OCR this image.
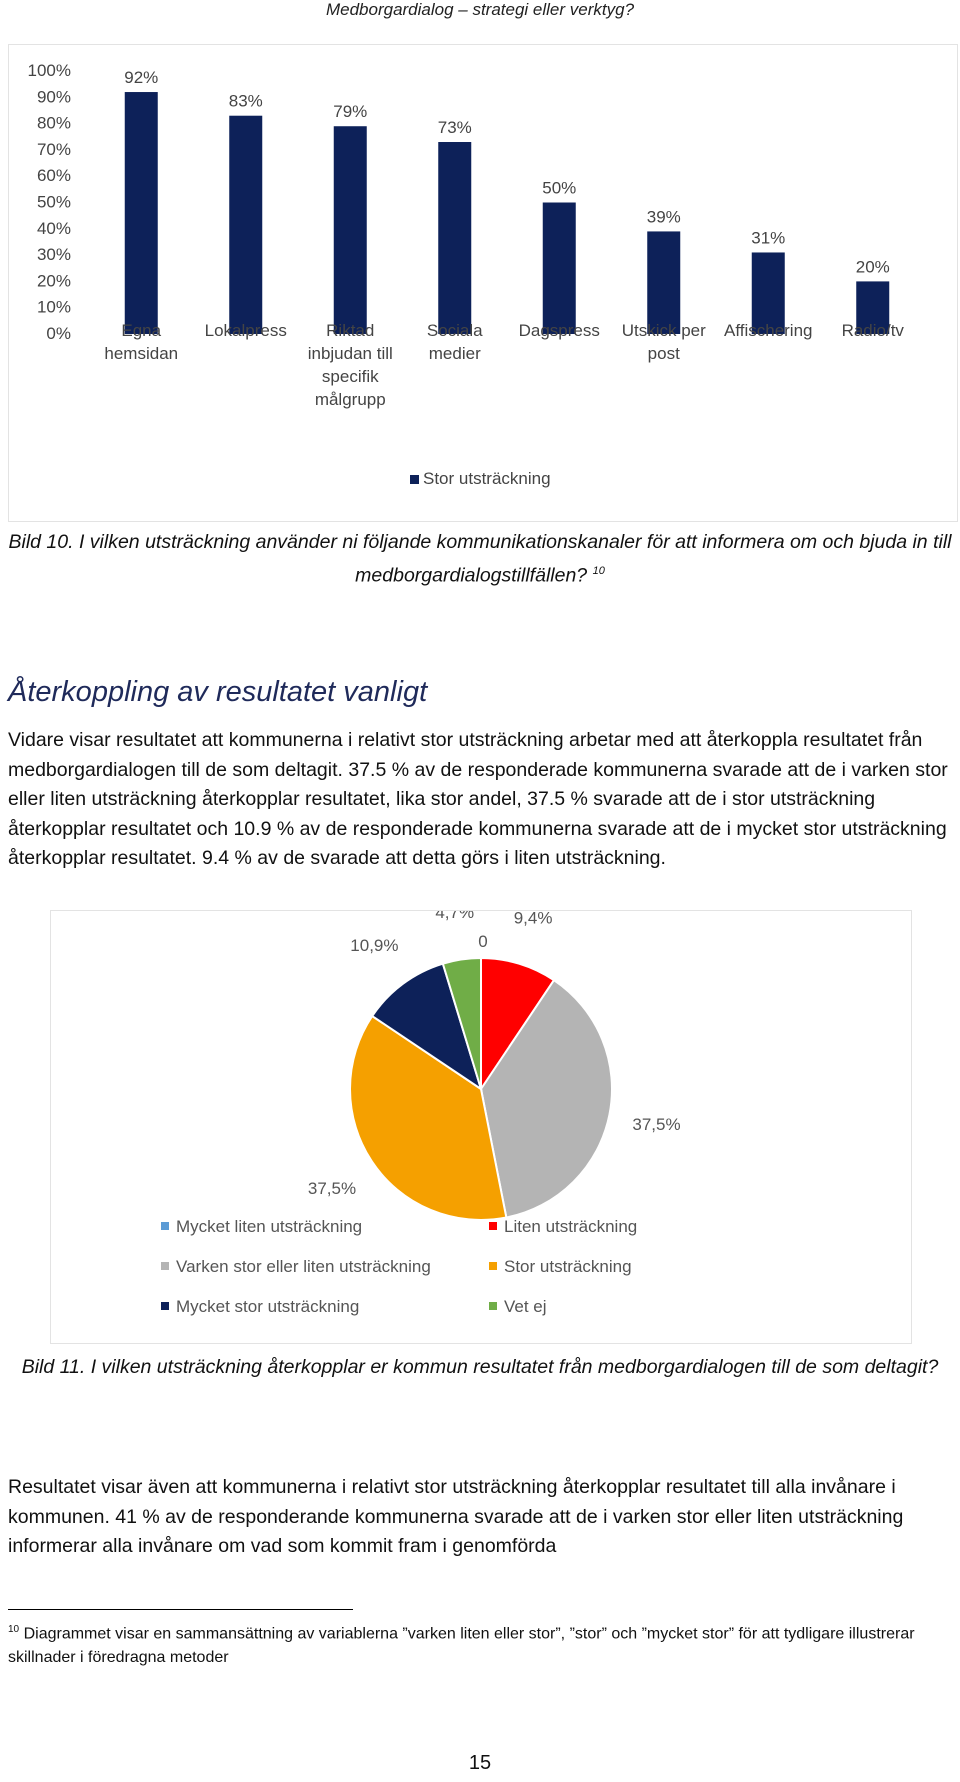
Medborgardialog – strategi eller verktyg?
100%
90%
80%
70%
60%
50%
40%
30%
20%
10%
0%
92%
Egna hemsidan
83%
Lokalpress
79%
Riktad inbjudan till specifik målgrupp
73%
Sociala medier
50%
Dagspress
39%
Utskick per post
31%
Affischering
20%
Radio/tv
Stor utsträckning
Bild 10. I vilken utsträckning använder ni följande kommunikationskanaler för att informera om och bjuda in till medborgardialogstillfällen? $^{10}$
Återkoppling av resultatet vanligt

Vidare visar resultatet att kommunerna i relativt stor utsträckning arbetar med att återkoppla resultatet från medborgardialogen till de som deltagit. 37.5 % av de responderade kommunerna svarade att de i varken stor eller liten utsträckning återkopplar resultatet, lika stor andel, 37.5 % svarade att de i stor utsträckning återkopplar resultatet och 10.9 % av de responderade kommunerna svarade att de i mycket stor utsträckning återkopplar resultatet. 9.4 % av de svarade att detta görs i liten utsträckning.

0
9,4%
37,5%
37,5%
10,9%
4,7%
Mycket liten utsträckning	Liten utsträckning
Varken stor eller liten utsträckning	Stor utsträckning
Mycket stor utsträckning	Vet ej
Bild 11. I vilken utsträckning återkopplar er kommun resultatet från medborgardialogen till de som deltagit?

Resultatet visar även att kommunerna i relativt stor utsträckning återkopplar resultatet till alla invånare i kommunen. 41 % av de responderande kommunerna svarade att de i varken stor eller liten utsträckning informerar alla invånare om vad som kommit fram i genomförda

$^{10}$ Diagrammet visar en sammansättning av variablerna ”varken liten eller stor”, ”stor” och ”mycket stor” för att tydligare illustrerar skillnader i föredragna metoder

15
